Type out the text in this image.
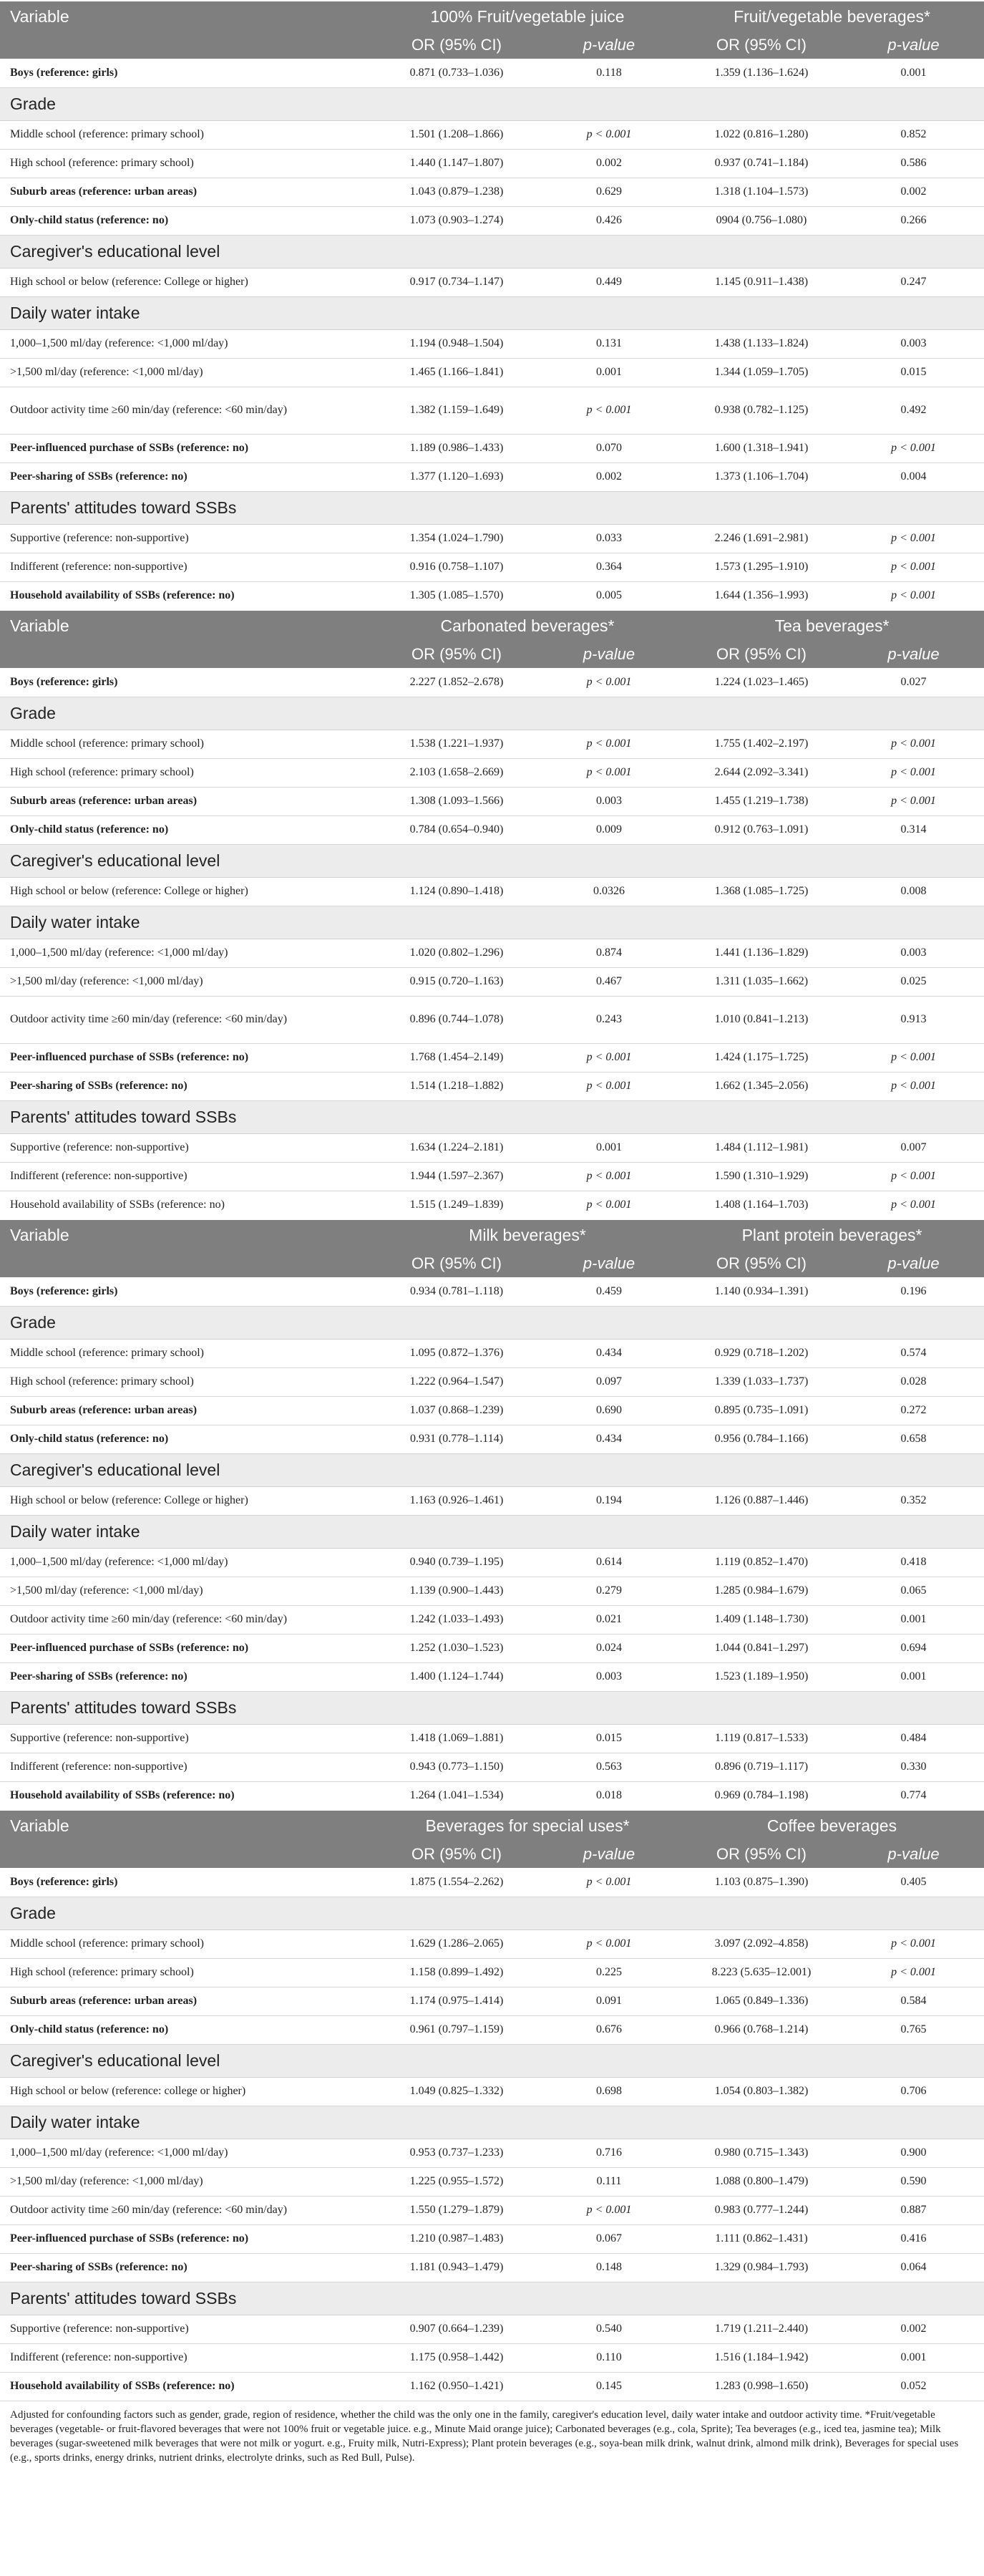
Variable	100% Fruit/vegetable juice		Fruit/vegetable beverages*	
	OR (95% CI)	p-value	OR (95% CI)	p-value
Boys (reference: girls)	0.871 (0.733–1.036)	0.118	1.359 (1.136–1.624)	0.001
Grade				
Middle school (reference: primary school)	1.501 (1.208–1.866)	p < 0.001	1.022 (0.816–1.280)	0.852
High school (reference: primary school)	1.440 (1.147–1.807)	0.002	0.937 (0.741–1.184)	0.586
Suburb areas (reference: urban areas)	1.043 (0.879–1.238)	0.629	1.318 (1.104–1.573)	0.002
Only-child status (reference: no)	1.073 (0.903–1.274)	0.426	0904 (0.756–1.080)	0.266
Caregiver's educational level				
High school or below (reference: College or higher)	0.917 (0.734–1.147)	0.449	1.145 (0.911–1.438)	0.247
Daily water intake				
1,000–1,500 ml/day (reference: <1,000 ml/day)	1.194 (0.948–1.504)	0.131	1.438 (1.133–1.824)	0.003
>1,500 ml/day (reference: <1,000 ml/day)	1.465 (1.166–1.841)	0.001	1.344 (1.059–1.705)	0.015
Outdoor activity time ≥60 min/day (reference: <60 min/day)	1.382 (1.159–1.649)	p < 0.001	0.938 (0.782–1.125)	0.492
Peer-influenced purchase of SSBs (reference: no)	1.189 (0.986–1.433)	0.070	1.600 (1.318–1.941)	p < 0.001
Peer-sharing of SSBs (reference: no)	1.377 (1.120–1.693)	0.002	1.373 (1.106–1.704)	0.004
Parents' attitudes toward SSBs				
Supportive (reference: non-supportive)	1.354 (1.024–1.790)	0.033	2.246 (1.691–2.981)	p < 0.001
Indifferent (reference: non-supportive)	0.916 (0.758–1.107)	0.364	1.573 (1.295–1.910)	p < 0.001
Household availability of SSBs (reference: no)	1.305 (1.085–1.570)	0.005	1.644 (1.356–1.993)	p < 0.001
Variable	Carbonated beverages*		Tea beverages*	
	OR (95% CI)	p-value	OR (95% CI)	p-value
Boys (reference: girls)	2.227 (1.852–2.678)	p < 0.001	1.224 (1.023–1.465)	0.027
Grade				
Middle school (reference: primary school)	1.538 (1.221–1.937)	p < 0.001	1.755 (1.402–2.197)	p < 0.001
High school (reference: primary school)	2.103 (1.658–2.669)	p < 0.001	2.644 (2.092–3.341)	p < 0.001
Suburb areas (reference: urban areas)	1.308 (1.093–1.566)	0.003	1.455 (1.219–1.738)	p < 0.001
Only-child status (reference: no)	0.784 (0.654–0.940)	0.009	0.912 (0.763–1.091)	0.314
Caregiver's educational level				
High school or below (reference: College or higher)	1.124 (0.890–1.418)	0.0326	1.368 (1.085–1.725)	0.008
Daily water intake				
1,000–1,500 ml/day (reference: <1,000 ml/day)	1.020 (0.802–1.296)	0.874	1.441 (1.136–1.829)	0.003
>1,500 ml/day (reference: <1,000 ml/day)	0.915 (0.720–1.163)	0.467	1.311 (1.035–1.662)	0.025
Outdoor activity time ≥60 min/day (reference: <60 min/day)	0.896 (0.744–1.078)	0.243	1.010 (0.841–1.213)	0.913
Peer-influenced purchase of SSBs (reference: no)	1.768 (1.454–2.149)	p < 0.001	1.424 (1.175–1.725)	p < 0.001
Peer-sharing of SSBs (reference: no)	1.514 (1.218–1.882)	p < 0.001	1.662 (1.345–2.056)	p < 0.001
Parents' attitudes toward SSBs				
Supportive (reference: non-supportive)	1.634 (1.224–2.181)	0.001	1.484 (1.112–1.981)	0.007
Indifferent (reference: non-supportive)	1.944 (1.597–2.367)	p < 0.001	1.590 (1.310–1.929)	p < 0.001
Household availability of SSBs (reference: no)	1.515 (1.249–1.839)	p < 0.001	1.408 (1.164–1.703)	p < 0.001
Variable	Milk beverages*		Plant protein beverages*	
	OR (95% CI)	p-value	OR (95% CI)	p-value
Boys (reference: girls)	0.934 (0.781–1.118)	0.459	1.140 (0.934–1.391)	0.196
Grade				
Middle school (reference: primary school)	1.095 (0.872–1.376)	0.434	0.929 (0.718–1.202)	0.574
High school (reference: primary school)	1.222 (0.964–1.547)	0.097	1.339 (1.033–1.737)	0.028
Suburb areas (reference: urban areas)	1.037 (0.868–1.239)	0.690	0.895 (0.735–1.091)	0.272
Only-child status (reference: no)	0.931 (0.778–1.114)	0.434	0.956 (0.784–1.166)	0.658
Caregiver's educational level				
High school or below (reference: College or higher)	1.163 (0.926–1.461)	0.194	1.126 (0.887–1.446)	0.352
Daily water intake				
1,000–1,500 ml/day (reference: <1,000 ml/day)	0.940 (0.739–1.195)	0.614	1.119 (0.852–1.470)	0.418
>1,500 ml/day (reference: <1,000 ml/day)	1.139 (0.900–1.443)	0.279	1.285 (0.984–1.679)	0.065
Outdoor activity time ≥60 min/day (reference: <60 min/day)	1.242 (1.033–1.493)	0.021	1.409 (1.148–1.730)	0.001
Peer-influenced purchase of SSBs (reference: no)	1.252 (1.030–1.523)	0.024	1.044 (0.841–1.297)	0.694
Peer-sharing of SSBs (reference: no)	1.400 (1.124–1.744)	0.003	1.523 (1.189–1.950)	0.001
Parents' attitudes toward SSBs				
Supportive (reference: non-supportive)	1.418 (1.069–1.881)	0.015	1.119 (0.817–1.533)	0.484
Indifferent (reference: non-supportive)	0.943 (0.773–1.150)	0.563	0.896 (0.719–1.117)	0.330
Household availability of SSBs (reference: no)	1.264 (1.041–1.534)	0.018	0.969 (0.784–1.198)	0.774
Variable	Beverages for special uses*		Coffee beverages	
	OR (95% CI)	p-value	OR (95% CI)	p-value
Boys (reference: girls)	1.875 (1.554–2.262)	p < 0.001	1.103 (0.875–1.390)	0.405
Grade				
Middle school (reference: primary school)	1.629 (1.286–2.065)	p < 0.001	3.097 (2.092–4.858)	p < 0.001
High school (reference: primary school)	1.158 (0.899–1.492)	0.225	8.223 (5.635–12.001)	p < 0.001
Suburb areas (reference: urban areas)	1.174 (0.975–1.414)	0.091	1.065 (0.849–1.336)	0.584
Only-child status (reference: no)	0.961 (0.797–1.159)	0.676	0.966 (0.768–1.214)	0.765
Caregiver's educational level				
High school or below (reference: college or higher)	1.049 (0.825–1.332)	0.698	1.054 (0.803–1.382)	0.706
Daily water intake				
1,000–1,500 ml/day (reference: <1,000 ml/day)	0.953 (0.737–1.233)	0.716	0.980 (0.715–1.343)	0.900
>1,500 ml/day (reference: <1,000 ml/day)	1.225 (0.955–1.572)	0.111	1.088 (0.800–1.479)	0.590
Outdoor activity time ≥60 min/day (reference: <60 min/day)	1.550 (1.279–1.879)	p < 0.001	0.983 (0.777–1.244)	0.887
Peer-influenced purchase of SSBs (reference: no)	1.210 (0.987–1.483)	0.067	1.111 (0.862–1.431)	0.416
Peer-sharing of SSBs (reference: no)	1.181 (0.943–1.479)	0.148	1.329 (0.984–1.793)	0.064
Parents' attitudes toward SSBs				
Supportive (reference: non-supportive)	0.907 (0.664–1.239)	0.540	1.719 (1.211–2.440)	0.002
Indifferent (reference: non-supportive)	1.175 (0.958–1.442)	0.110	1.516 (1.184–1.942)	0.001
Household availability of SSBs (reference: no)	1.162 (0.950–1.421)	0.145	1.283 (0.998–1.650)	0.052
Adjusted for confounding factors such as gender, grade, region of residence, whether the child was the only one in the family, caregiver's education level, daily water intake and outdoor activity time. *Fruit/vegetable beverages (vegetable- or fruit-flavored beverages that were not 100% fruit or vegetable juice. e.g., Minute Maid orange juice); Carbonated beverages (e.g., cola, Sprite); Tea beverages (e.g., iced tea, jasmine tea); Milk beverages (sugar-sweetened milk beverages that were not milk or yogurt. e.g., Fruity milk, Nutri-Express); Plant protein beverages (e.g., soya-bean milk drink, walnut drink, almond milk drink), Beverages for special uses (e.g., sports drinks, energy drinks, nutrient drinks, electrolyte drinks, such as Red Bull, Pulse).
